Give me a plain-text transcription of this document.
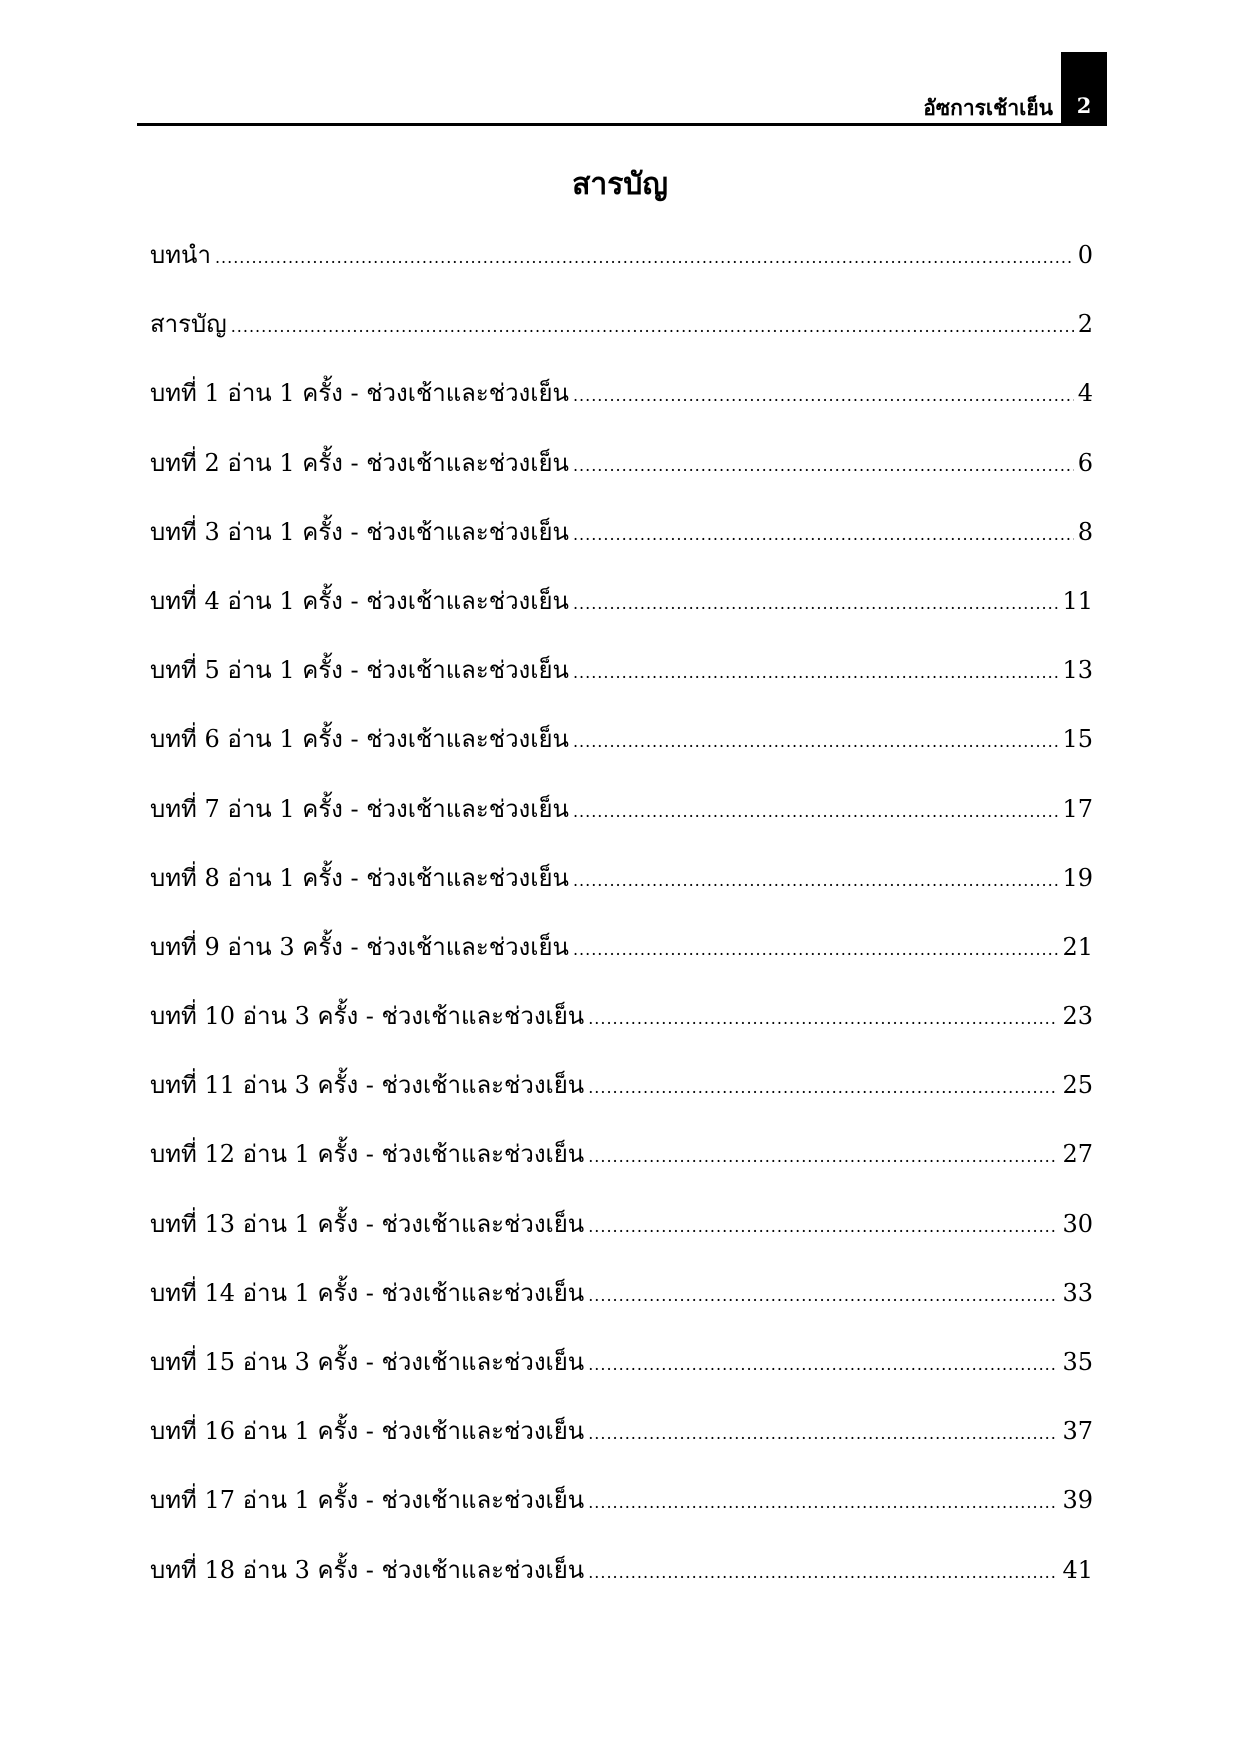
อัซการเช้าเย็น 2
สารบัญ
บทนำ .....	0
สารบัญ .....	2
บทที่ 1 อ่าน 1 ครั้ง - ช่วงเช้าและช่วงเย็น .....	4
บทที่ 2 อ่าน 1 ครั้ง - ช่วงเช้าและช่วงเย็น .....	6
บทที่ 3 อ่าน 1 ครั้ง - ช่วงเช้าและช่วงเย็น .....	8
บทที่ 4 อ่าน 1 ครั้ง - ช่วงเช้าและช่วงเย็น .....	11
บทที่ 5 อ่าน 1 ครั้ง - ช่วงเช้าและช่วงเย็น .....	13
บทที่ 6 อ่าน 1 ครั้ง - ช่วงเช้าและช่วงเย็น .....	15
บทที่ 7 อ่าน 1 ครั้ง - ช่วงเช้าและช่วงเย็น .....	17
บทที่ 8 อ่าน 1 ครั้ง - ช่วงเช้าและช่วงเย็น .....	19
บทที่ 9 อ่าน 3 ครั้ง - ช่วงเช้าและช่วงเย็น .....	21
บทที่ 10 อ่าน 3 ครั้ง - ช่วงเช้าและช่วงเย็น .....	23
บทที่ 11 อ่าน 3 ครั้ง - ช่วงเช้าและช่วงเย็น .....	25
บทที่ 12 อ่าน 1 ครั้ง - ช่วงเช้าและช่วงเย็น .....	27
บทที่ 13 อ่าน 1 ครั้ง - ช่วงเช้าและช่วงเย็น .....	30
บทที่ 14 อ่าน 1 ครั้ง - ช่วงเช้าและช่วงเย็น .....	33
บทที่ 15 อ่าน 3 ครั้ง - ช่วงเช้าและช่วงเย็น .....	35
บทที่ 16 อ่าน 1 ครั้ง - ช่วงเช้าและช่วงเย็น .....	37
บทที่ 17 อ่าน 1 ครั้ง - ช่วงเช้าและช่วงเย็น .....	39
บทที่ 18 อ่าน 3 ครั้ง - ช่วงเช้าและช่วงเย็น .....	41
